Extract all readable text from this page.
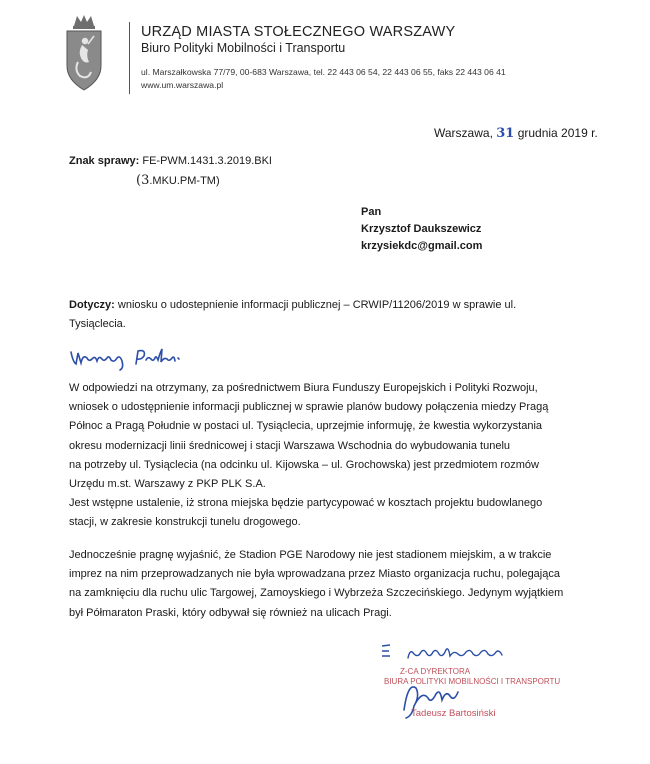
URZĄD MIASTA STOŁECZNEGO WARSZAWY
Biuro Polityki Mobilności i Transportu
ul. Marszałkowska 77/79, 00-683 Warszawa, tel. 22 443 06 54, 22 443 06 55, faks 22 443 06 41
www.um.warszawa.pl
Warszawa, 31 grudnia 2019 r.
Znak sprawy: FE-PWM.1431.3.2019.BKI
(3.MKU.PM-TM)
Pan
Krzysztof Daukszewicz
krzysiekdc@gmail.com
Dotyczy: wniosku o udostepnienie informacji publicznej – CRWIP/11206/2019 w sprawie ul. Tysiąclecia.
W odpowiedzi na otrzymany, za pośrednictwem Biura Funduszy Europejskich i Polityki Rozwoju,
wniosek o udostępnienie informacji publicznej w sprawie planów budowy połączenia miedzy Pragą
Północ a Pragą Południe w postaci ul. Tysiąclecia, uprzejmie informuję, że kwestia wykorzystania
okresu modernizacji linii średnicowej i stacji Warszawa Wschodnia do wybudowania tunelu
na potrzeby ul. Tysiąclecia (na odcinku ul. Kijowska – ul. Grochowska) jest przedmiotem rozmów
Urzędu m.st. Warszawy z PKP PLK S.A.
Jest wstępne ustalenie, iż strona miejska będzie partycypować w kosztach projektu budowlanego
stacji, w zakresie konstrukcji tunelu drogowego.
Jednocześnie pragnę wyjaśnić, że Stadion PGE Narodowy nie jest stadionem miejskim, a w trakcie
imprez na nim przeprowadzanych nie była wprowadzana przez Miasto organizacja ruchu, polegająca
na zamknięciu dla ruchu ulic Targowej, Zamoyskiego i Wybrzeża Szczecińskiego. Jedynym wyjątkiem
był Półmaraton Praski, który odbywał się również na ulicach Pragi.
Z-CA DYREKTORA
BIURA POLITYKI MOBILNOŚCI I TRANSPORTU
Tadeusz Bartosiński
